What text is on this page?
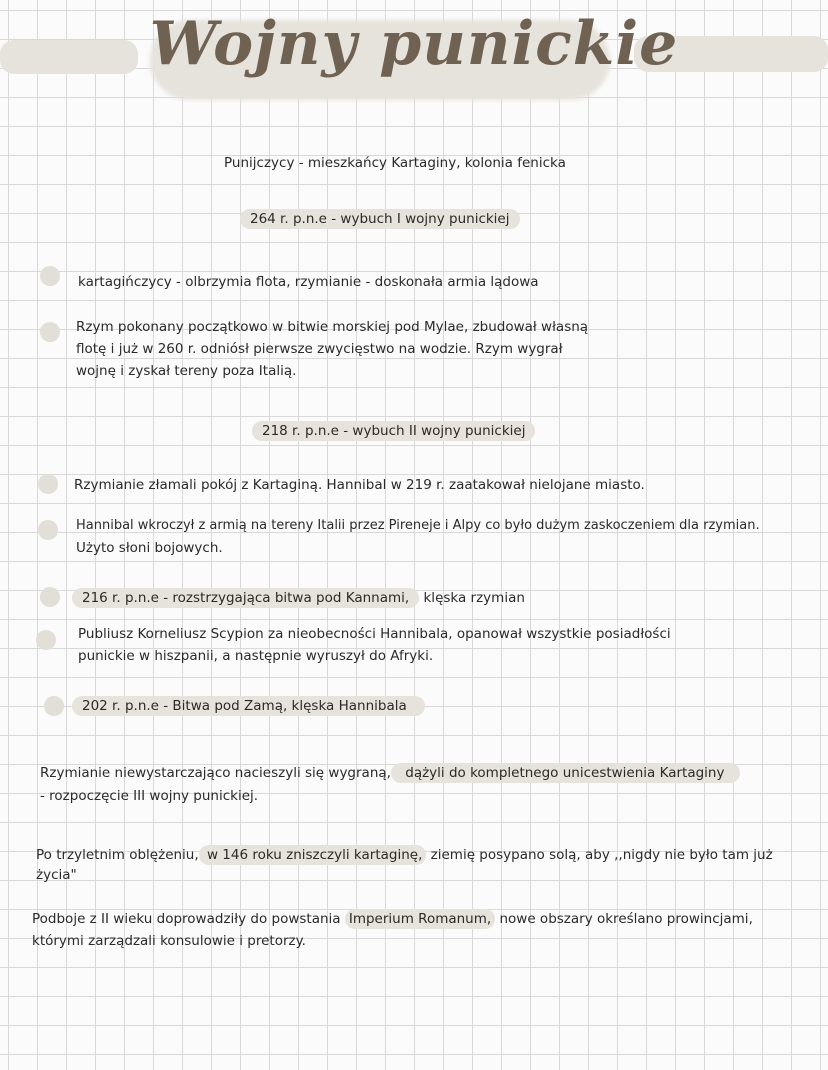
Wojny punickie
Punijczycy - mieszkańcy Kartaginy, kolonia fenicka
264 r. p.n.e - wybuch I wojny punickiej
kartagińczycy - olbrzymia flota, rzymianie - doskonała armia lądowa
Rzym pokonany początkowo w bitwie morskiej pod Mylae, zbudował własną
flotę i już w 260 r. odniósł pierwsze zwycięstwo na wodzie. Rzym wygrał
wojnę i zyskał tereny poza Italią.
218 r. p.n.e - wybuch II wojny punickiej
Rzymianie złamali pokój z Kartaginą. Hannibal w 219 r. zaatakował nielojane miasto.
Hannibal wkroczył z armią na tereny Italii przez Pireneje i Alpy co było dużym zaskoczeniem dla rzymian.
Użyto słoni bojowych.
216 r. p.n.e - rozstrzygająca bitwa pod Kannami, klęska rzymian
Publiusz Korneliusz Scypion za nieobecności Hannibala, opanował wszystkie posiadłości
punickie w hiszpanii, a następnie wyruszył do Afryki.
202 r. p.n.e - Bitwa pod Zamą, klęska Hannibala
Rzymianie niewystarczająco nacieszyli się wygraną, dążyli do kompletnego unicestwienia Kartaginy
- rozpoczęcie III wojny punickiej.
Po trzyletnim oblężeniu, w 146 roku zniszczyli kartaginę, ziemię posypano solą, aby ,,nigdy nie było tam już
życia"
Podboje z II wieku doprowadziły do powstania Imperium Romanum, nowe obszary określano prowincjami,
którymi zarządzali konsulowie i pretorzy.
